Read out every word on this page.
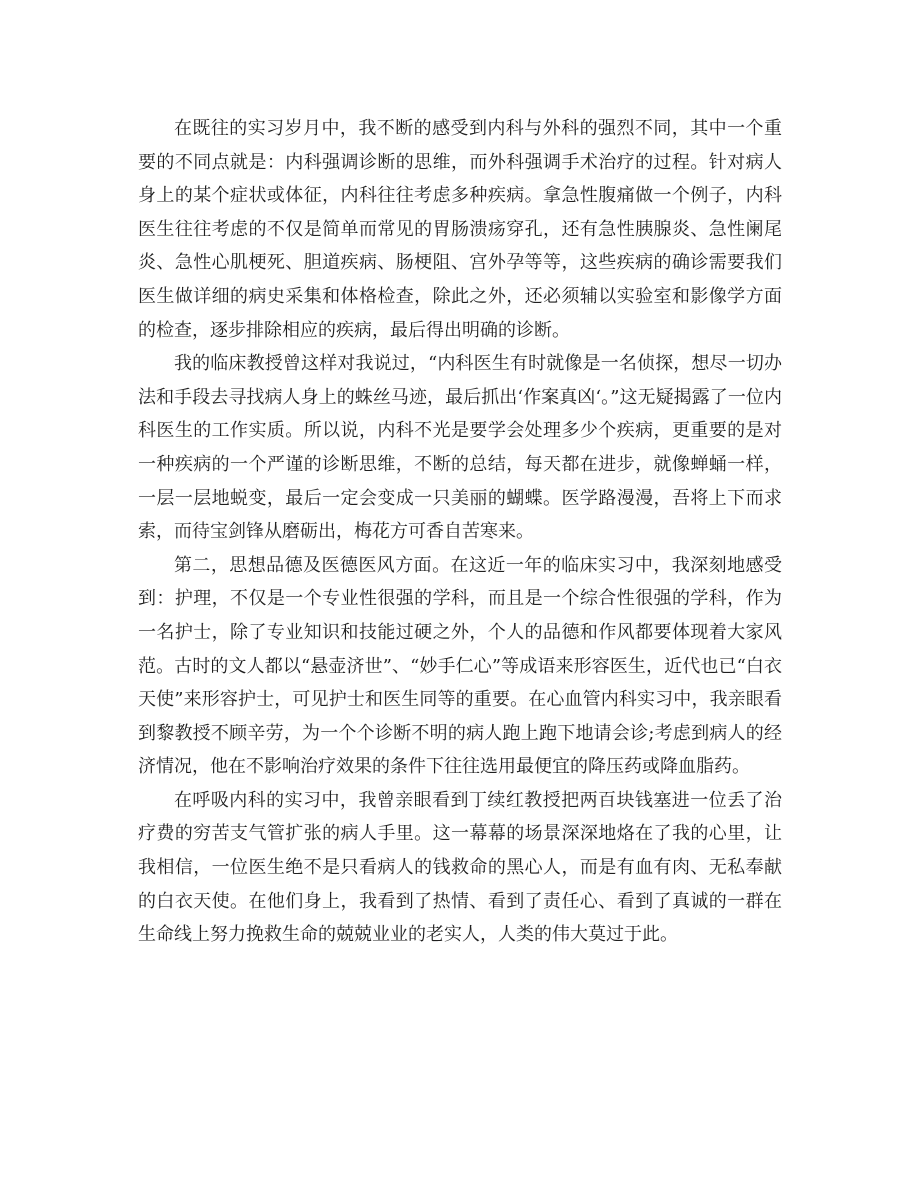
在既往的实习岁月中，我不断的感受到内科与外科的强烈不同，其中一个重要的不同点就是：内科强调诊断的思维，而外科强调手术治疗的过程。针对病人身上的某个症状或体征，内科往往考虑多种疾病。拿急性腹痛做一个例子，内科医生往往考虑的不仅是简单而常见的胃肠溃疡穿孔，还有急性胰腺炎、急性阑尾炎、急性心肌梗死、胆道疾病、肠梗阻、宫外孕等等，这些疾病的确诊需要我们医生做详细的病史采集和体格检查，除此之外，还必须辅以实验室和影像学方面的检查，逐步排除相应的疾病，最后得出明确的诊断。

我的临床教授曾这样对我说过，“内科医生有时就像是一名侦探，想尽一切办法和手段去寻找病人身上的蛛丝马迹，最后抓出‘作案真凶‘。”这无疑揭露了一位内科医生的工作实质。所以说，内科不光是要学会处理多少个疾病，更重要的是对一种疾病的一个严谨的诊断思维，不断的总结，每天都在进步，就像蝉蛹一样，一层一层地蜕变，最后一定会变成一只美丽的蝴蝶。医学路漫漫，吾将上下而求索，而待宝剑锋从磨砺出，梅花方可香自苦寒来。

第二，思想品德及医德医风方面。在这近一年的临床实习中，我深刻地感受到：护理，不仅是一个专业性很强的学科，而且是一个综合性很强的学科，作为一名护士，除了专业知识和技能过硬之外，个人的品德和作风都要体现着大家风范。古时的文人都以“悬壶济世”、“妙手仁心”等成语来形容医生，近代也已“白衣天使”来形容护士，可见护士和医生同等的重要。在心血管内科实习中，我亲眼看到黎教授不顾辛劳，为一个个诊断不明的病人跑上跑下地请会诊;考虑到病人的经济情况，他在不影响治疗效果的条件下往往选用最便宜的降压药或降血脂药。

在呼吸内科的实习中，我曾亲眼看到丁续红教授把两百块钱塞进一位丢了治疗费的穷苦支气管扩张的病人手里。这一幕幕的场景深深地烙在了我的心里，让我相信，一位医生绝不是只看病人的钱救命的黑心人，而是有血有肉、无私奉献的白衣天使。在他们身上，我看到了热情、看到了责任心、看到了真诚的一群在生命线上努力挽救生命的兢兢业业的老实人，人类的伟大莫过于此。
